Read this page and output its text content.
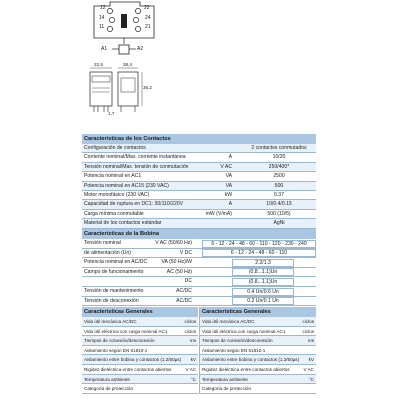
12
14
11
22
24
21
A1	A2
22,5	38,4
35,2
1,7
Características de los Contactos
Configuración de contactos	2 contactos conmutados
Corriente nominal/Max. corriente instantánea	A	10/20
Tensión nominal/Max. tensión de conmutación	V AC	250/400*
Potencia nominal en AC1	VA	2500
Potencia nominal en AC15 (230 VAC)	VA	500
Motor monofásico (230 VAC)	kW	0.37
Capacidad de ruptura en DC1: 30/110/220V	A	10/0.4/0.15
Carga mínima conmutable	mW (V/mA)	500 (10/5)
Material de los contactos estándar	AgNi
Características de la Bobina
Tensión nominal	V AC (50/60 Hz)	6 - 12 - 24 - 48 - 60 - 110 - 120 - 230 - 240
de alimentación (Un)	V DC	6 - 12 - 24 - 48 - 60 - 110
Potencia nominal en AC/DC	VA (50 Hz)/W	2.2/1.3
Campo de funcionamiento	AC (50 Hz)	(0.8...1.1)Un
DC	(0.8...1.1)Un
Tensión de mantenimiento	AC/DC	0.4 Un/0.6 Un
Tensión de desconexión	AC/DC	0.2 Un/0.1 Un
Características Generales	Características Generales
Vida útil mecánica AC/DC	ciclos
Vida útil eléctrica con carga nominal AC1	ciclos
Tiempos de conexión/desconexión	ms
Aislamiento según EN 61810-1
Aislamiento entre bobina y contactos (1.2/50µs)	kV
Rigidez dieléctrica entre contactos abiertos	V AC
Temperatura ambiente	°C
Categoría de protección
Vida útil mecánica AC/DC	ciclos
Vida útil eléctrica con carga nominal AC1	ciclos
Tiempos de conexión/desconexión	ms
Aislamiento según EN 61810-1
Aislamiento entre bobina y contactos (1.2/50µs)	kV
Rigidez dieléctrica entre contactos abiertos	V AC
Temperatura ambiente	°C
Categoría de protección
